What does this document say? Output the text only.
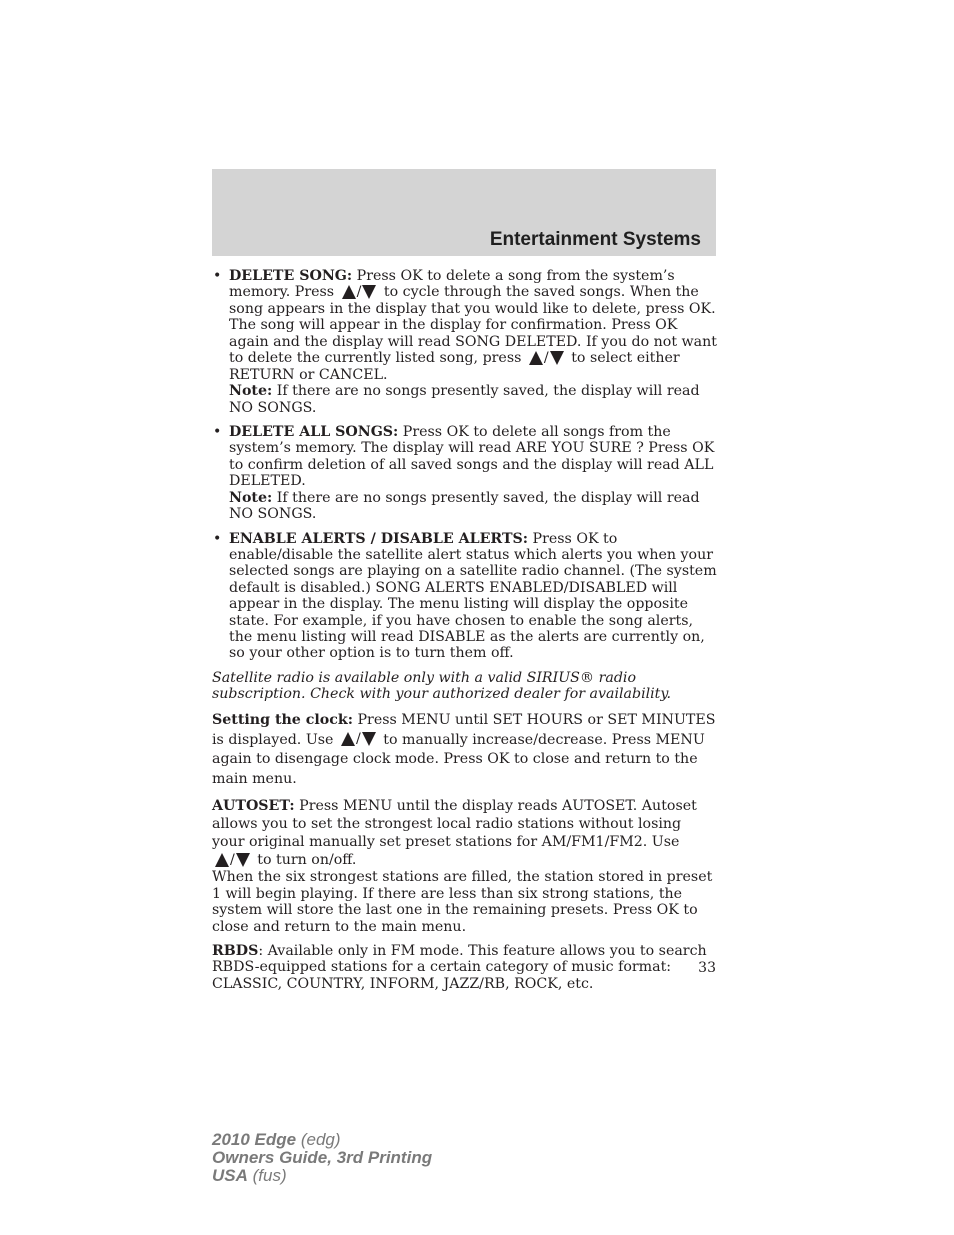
Entertainment Systems
• DELETE SONG: Press OK to delete a song from the system’s memory. Press / to cycle through the saved songs. When the song appears in the display that you would like to delete, press OK. The song will appear in the display for confirmation. Press OK again and the display will read SONG DELETED. If you do not want to delete the currently listed song, press / to select either RETURN or CANCEL.
Note: If there are no songs presently saved, the display will read NO SONGS.
• DELETE ALL SONGS: Press OK to delete all songs from the system’s memory. The display will read ARE YOU SURE ? Press OK to confirm deletion of all saved songs and the display will read ALL DELETED.
Note: If there are no songs presently saved, the display will read NO SONGS.
• ENABLE ALERTS / DISABLE ALERTS: Press OK to enable/disable the satellite alert status which alerts you when your selected songs are playing on a satellite radio channel. (The system default is disabled.) SONG ALERTS ENABLED/DISABLED will appear in the display. The menu listing will display the opposite state. For example, if you have chosen to enable the song alerts, the menu listing will read DISABLE as the alerts are currently on, so your other option is to turn them off.

Satellite radio is available only with a valid SIRIUS® radio subscription. Check with your authorized dealer for availability.

Setting the clock: Press MENU until SET HOURS or SET MINUTES is displayed. Use / to manually increase/decrease. Press MENU again to disengage clock mode. Press OK to close and return to the main menu.

AUTOSET: Press MENU until the display reads AUTOSET. Autoset allows you to set the strongest local radio stations without losing your original manually set preset stations for AM/FM1/FM2. Use / to turn on/off.

When the six strongest stations are filled, the station stored in preset 1 will begin playing. If there are less than six strong stations, the system will store the last one in the remaining presets. Press OK to close and return to the main menu.

RBDS: Available only in FM mode. This feature allows you to search RBDS-equipped stations for a certain category of music format: CLASSIC, COUNTRY, INFORM, JAZZ/RB, ROCK, etc.

33
2010 Edge (edg)
Owners Guide, 3rd Printing
USA (fus)
